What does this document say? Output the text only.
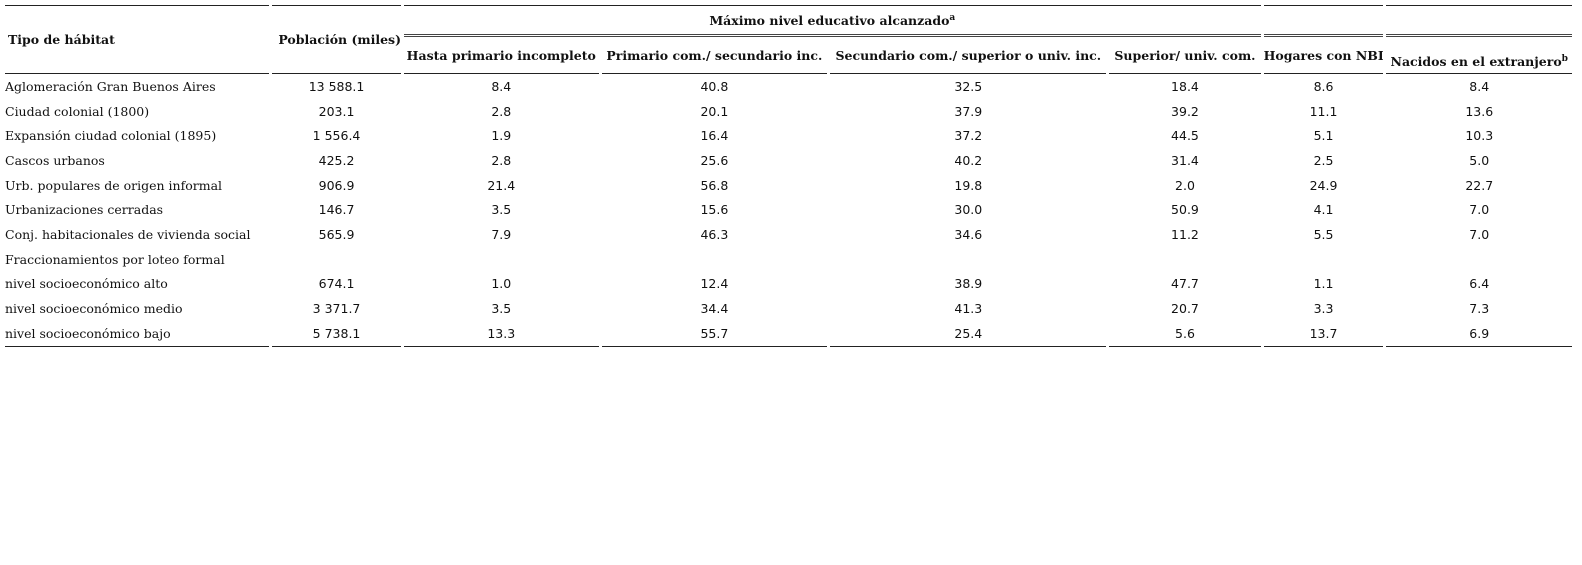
Tipo de hábitat	Población (miles)	Máximo nivel educativo alcanzado$^a$		
		Hasta primario incompleto	Primario com./ secundario inc.	Secundario com./ superior o univ. inc.	Superior/ univ. com.	Hogares con NBI	Nacidos en el extranjero$^b$
Aglomeración Gran Buenos Aires	13 588.1	8.4	40.8	32.5	18.4	8.6	8.4
Ciudad colonial (1800)	203.1	2.8	20.1	37.9	39.2	11.1	13.6
Expansión ciudad colonial (1895)	1 556.4	1.9	16.4	37.2	44.5	5.1	10.3
Cascos urbanos	425.2	2.8	25.6	40.2	31.4	2.5	5.0
Urb. populares de origen informal	906.9	21.4	56.8	19.8	2.0	24.9	22.7
Urbanizaciones cerradas	146.7	3.5	15.6	30.0	50.9	4.1	7.0
Conj. habitacionales de vivienda social	565.9	7.9	46.3	34.6	11.2	5.5	7.0
Fraccionamientos por loteo formal							
nivel socioeconómico alto	674.1	1.0	12.4	38.9	47.7	1.1	6.4
nivel socioeconómico medio	3 371.7	3.5	34.4	41.3	20.7	3.3	7.3
nivel socioeconómico bajo	5 738.1	13.3	55.7	25.4	5.6	13.7	6.9
